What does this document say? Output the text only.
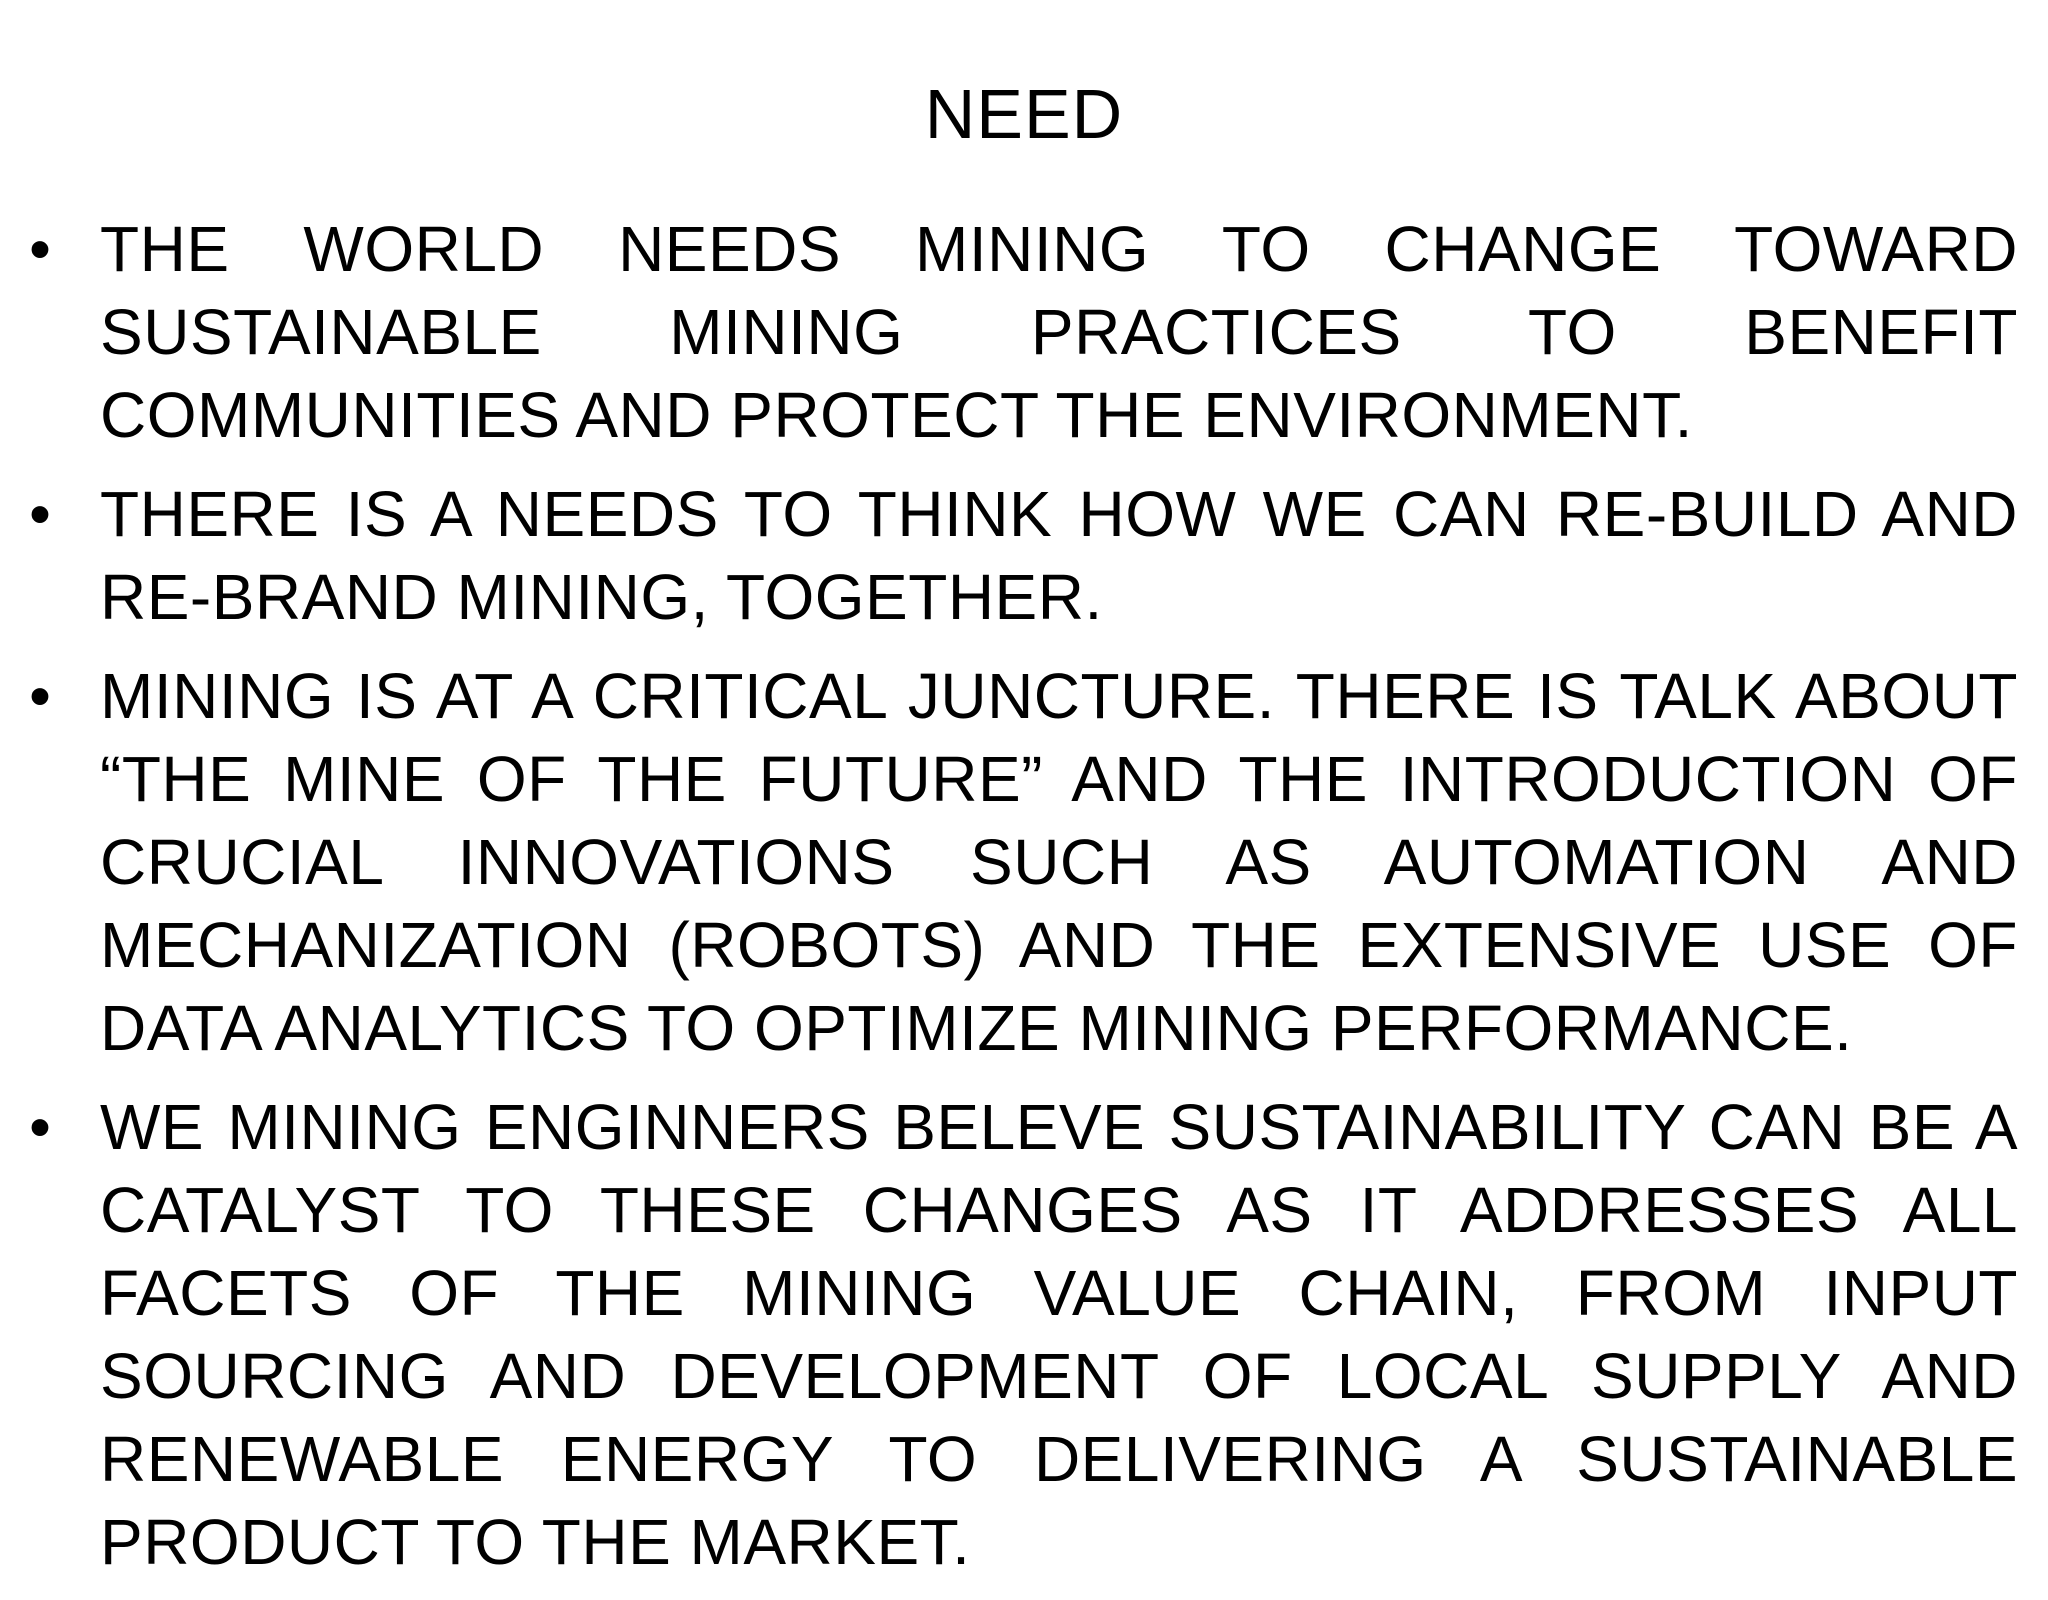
NEED
• THE WORLD NEEDS MINING TO CHANGE TOWARD SUSTAINABLE MINING PRACTICES TO BENEFIT COMMUNITIES AND PROTECT THE ENVIRONMENT.
• THERE IS A NEEDS TO THINK HOW WE CAN RE-BUILD AND RE-BRAND MINING, TOGETHER.
• MINING IS AT A CRITICAL JUNCTURE. THERE IS TALK ABOUT “THE MINE OF THE FUTURE” AND THE INTRODUCTION OF CRUCIAL INNOVATIONS SUCH AS AUTOMATION AND MECHANIZATION (ROBOTS) AND THE EXTENSIVE USE OF DATA ANALYTICS TO OPTIMIZE MINING PERFORMANCE.
• WE MINING ENGINNERS BELEVE SUSTAINABILITY CAN BE A CATALYST TO THESE CHANGES AS IT ADDRESSES ALL FACETS OF THE MINING VALUE CHAIN, FROM INPUT SOURCING AND DEVELOPMENT OF LOCAL SUPPLY AND RENEWABLE ENERGY TO DELIVERING A SUSTAINABLE PRODUCT TO THE MARKET.
